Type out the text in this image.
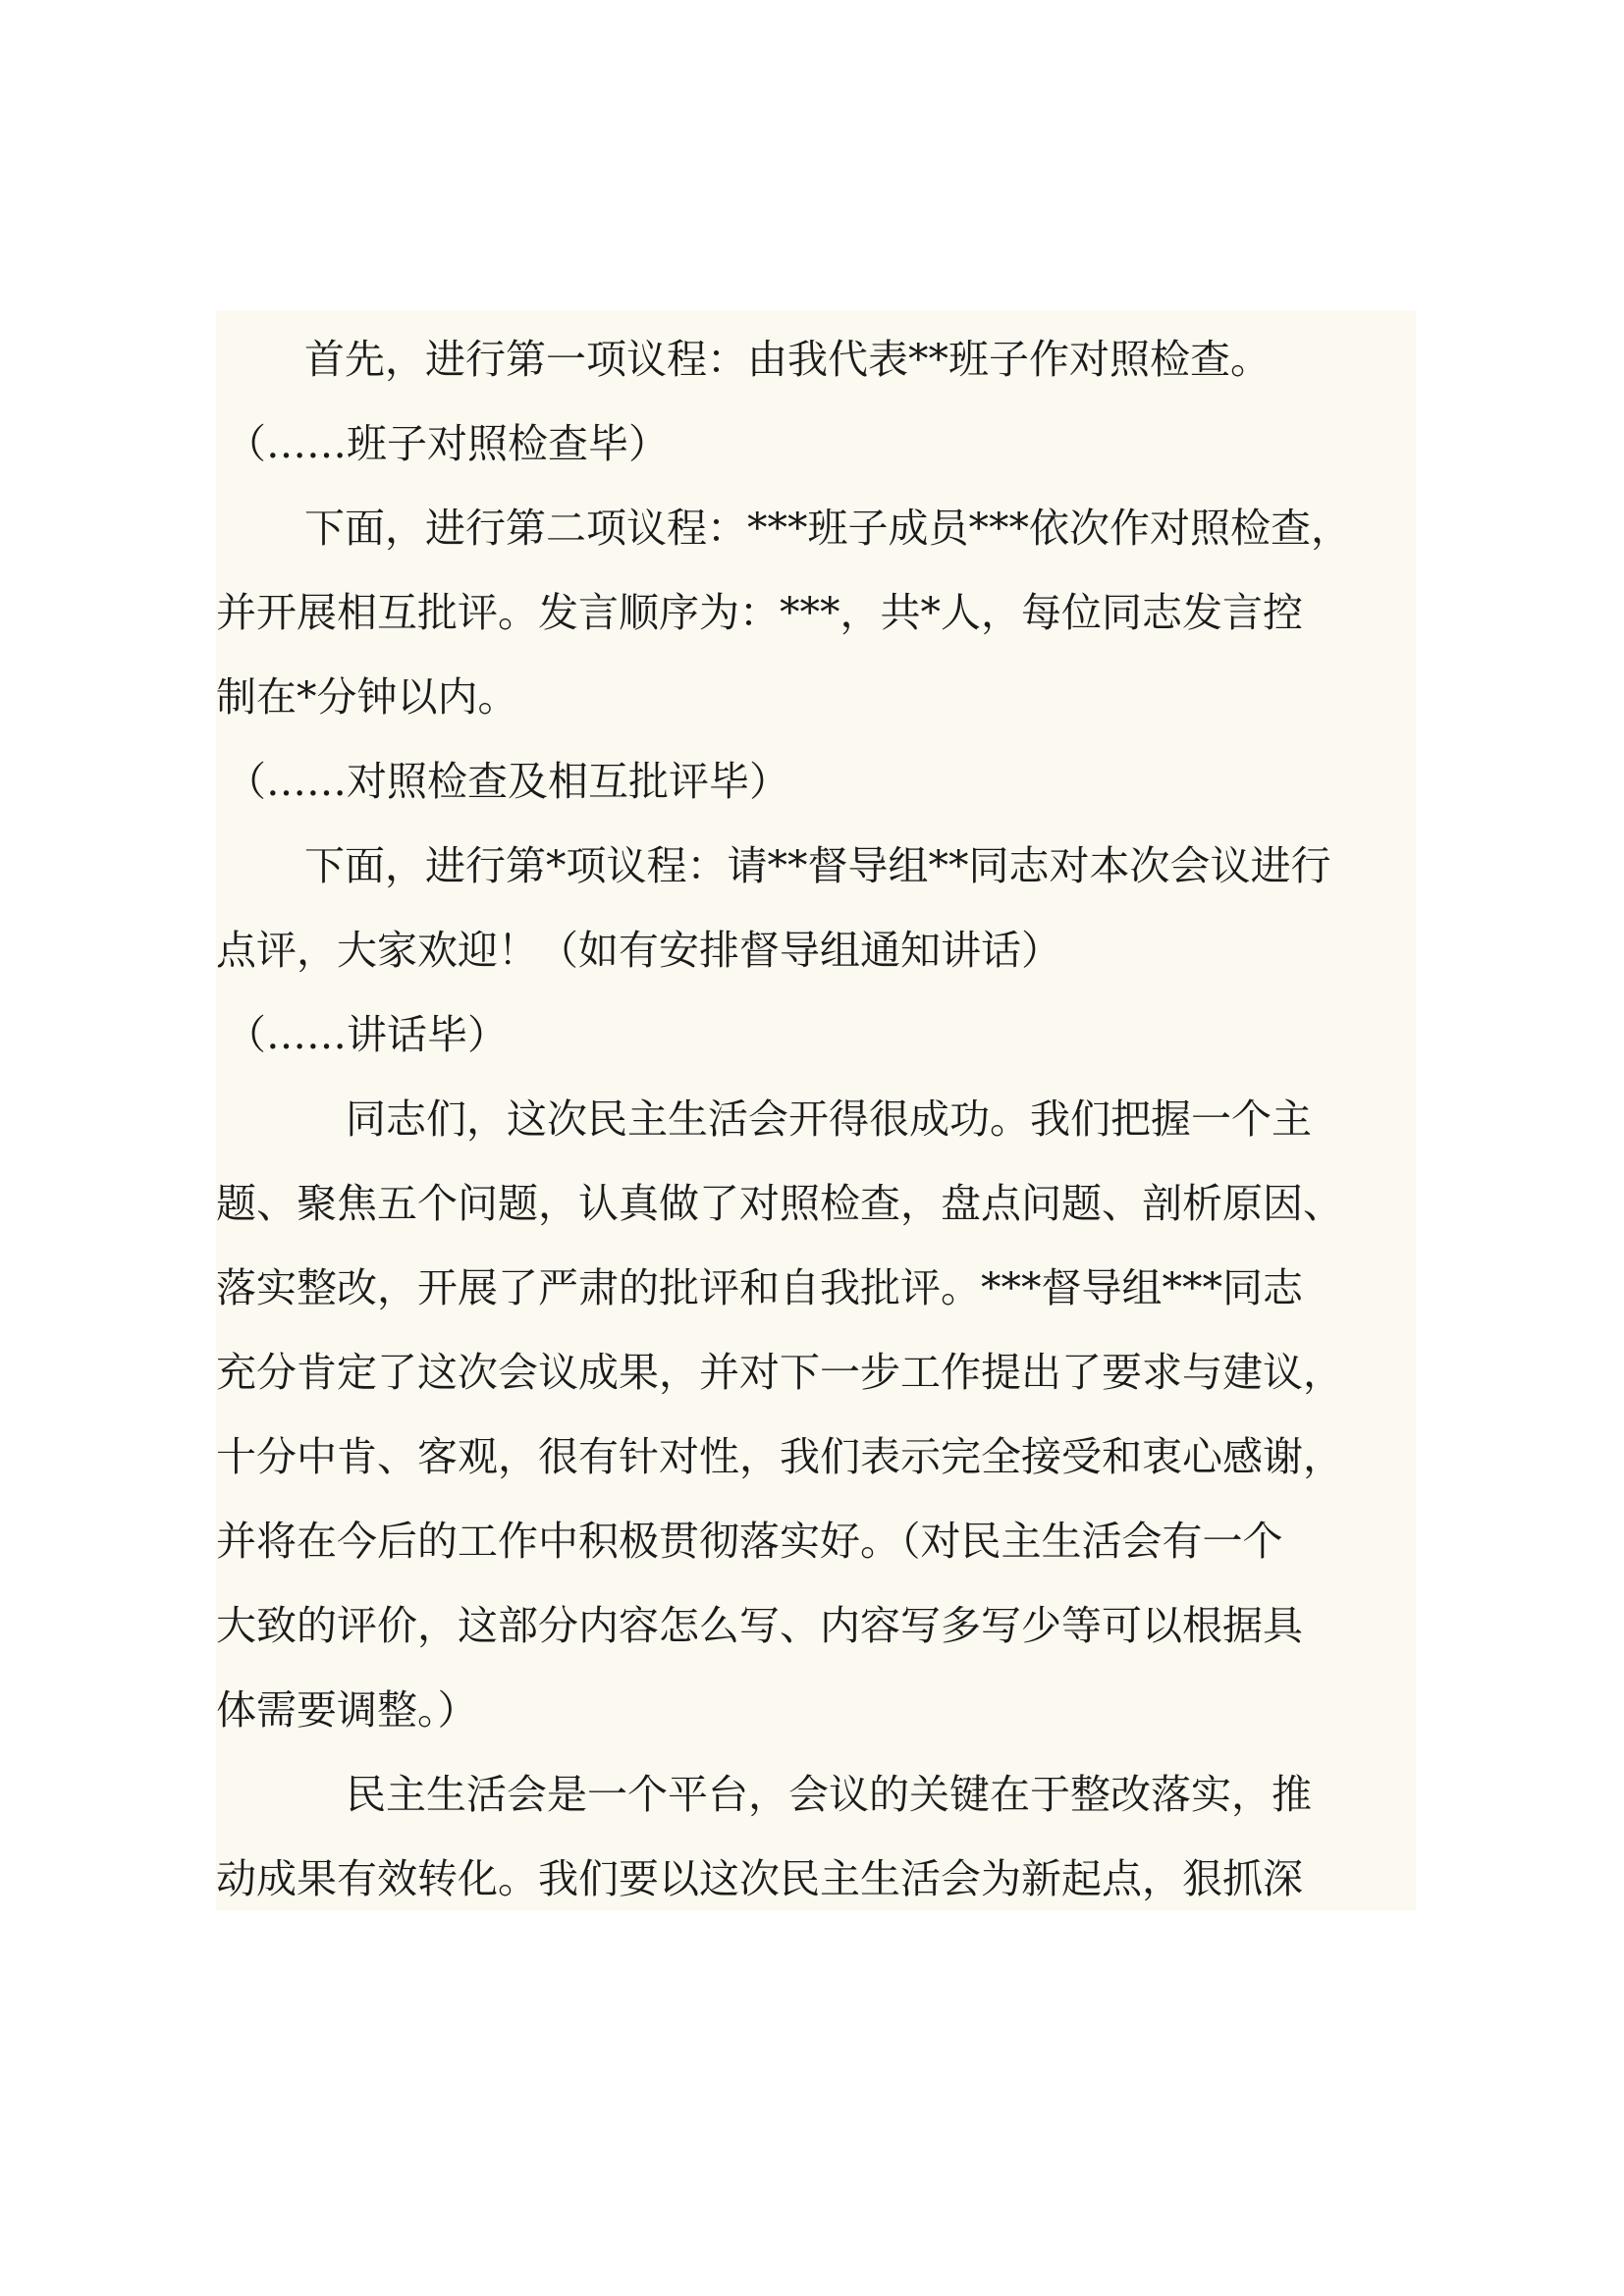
首先，进行第一项议程：由我代表**班子作对照检查。

（……班子对照检查毕）

下面，进行第二项议程：***班子成员***依次作对照检查，

并开展相互批评。发言顺序为：***，共*人，每位同志发言控

制在*分钟以内。

（……对照检查及相互批评毕）

下面，进行第*项议程：请**督导组**同志对本次会议进行

点评，大家欢迎！（如有安排督导组通知讲话）

（……讲话毕）

同志们，这次民主生活会开得很成功。我们把握一个主

题、聚焦五个问题，认真做了对照检查，盘点问题、剖析原因、

落实整改，开展了严肃的批评和自我批评。***督导组***同志

充分肯定了这次会议成果，并对下一步工作提出了要求与建议，

十分中肯、客观，很有针对性，我们表示完全接受和衷心感谢，

并将在今后的工作中积极贯彻落实好。（对民主生活会有一个

大致的评价，这部分内容怎么写、内容写多写少等可以根据具

体需要调整。）

民主生活会是一个平台，会议的关键在于整改落实，推

动成果有效转化。我们要以这次民主生活会为新起点，狠抓深
